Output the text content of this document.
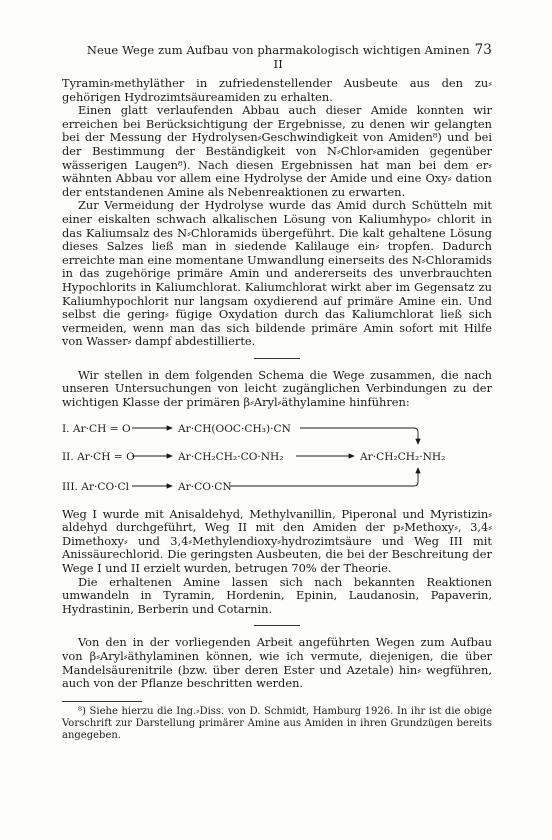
Neue Wege zum Aufbau von pharmakologisch wichtigen Aminen II
73

Tyramin⸗methyläther in zufriedenstellender Ausbeute aus den zu⸗ gehörigen Hydrozimtsäureamiden zu erhalten.

Einen glatt verlaufenden Abbau auch dieser Amide konnten wir erreichen bei Berücksichtigung der Ergebnisse, zu denen wir gelangten bei der Messung der Hydrolysen⸗Geschwindigkeit von Amiden⁸) und bei der Bestimmung der Beständigkeit von N⸗Chlor⸗amiden gegenüber wässerigen Laugen⁸). Nach diesen Ergebnissen hat man bei dem er⸗ wähnten Abbau vor allem eine Hydrolyse der Amide und eine Oxy⸗ dation der entstandenen Amine als Nebenreaktionen zu erwarten.

Zur Vermeidung der Hydrolyse wurde das Amid durch Schütteln mit einer eiskalten schwach alkalischen Lösung von Kaliumhypo⸗ chlorit in das Kaliumsalz des N⸗Chloramids übergeführt. Die kalt gehaltene Lösung dieses Salzes ließ man in siedende Kalilauge ein⸗ tropfen. Dadurch erreichte man eine momentane Umwandlung einerseits des N⸗Chloramids in das zugehörige primäre Amin und andererseits des unverbrauchten Hypochlorits in Kaliumchlorat. Kaliumchlorat wirkt aber im Gegensatz zu Kaliumhypochlorit nur langsam oxydierend auf primäre Amine ein. Und selbst die gering⸗ fügige Oxydation durch das Kaliumchlorat ließ sich vermeiden, wenn man das sich bildende primäre Amin sofort mit Hilfe von Wasser⸗ dampf abdestillierte.

Wir stellen in dem folgenden Schema die Wege zusammen, die nach unseren Untersuchungen von leicht zugänglichen Verbindungen zu der wichtigen Klasse der primären β⸗Aryl⸗äthylamine hinführen:

I. Ar·CH = O	Ar·CH(OOC·CH₃)·CN
II. Ar·CH = O	Ar·CH₂CH₂·CO·NH₂	Ar·CH₂CH₂·NH₂
III. Ar·CO·Cl	Ar·CO·CN

Weg I wurde mit Anisaldehyd, Methylvanillin, Piperonal und Myristizin⸗aldehyd durchgeführt, Weg II mit den Amiden der p⸗Methoxy⸗, 3,4⸗Dimethoxy⸗ und 3,4⸗Methylendioxy⸗hydrozimtsäure und Weg III mit Anissäurechlorid. Die geringsten Ausbeuten, die bei der Beschreitung der Wege I und II erzielt wurden, betrugen 70% der Theorie.

Die erhaltenen Amine lassen sich nach bekannten Reaktionen umwandeln in Tyramin, Hordenin, Epinin, Laudanosin, Papaverin, Hydrastinin, Berberin und Cotarnin.

Von den in der vorliegenden Arbeit angeführten Wegen zum Aufbau von β⸗Aryl⸗äthylaminen können, wie ich vermute, diejenigen, die über Mandelsäurenitrile (bzw. über deren Ester und Azetale) hin⸗ wegführen, auch von der Pflanze beschritten werden.

⁸) Siehe hierzu die Ing.⸗Diss. von D. Schmidt, Hamburg 1926. In ihr ist die obige Vorschrift zur Darstellung primärer Amine aus Amiden in ihren Grundzügen bereits angegeben.
